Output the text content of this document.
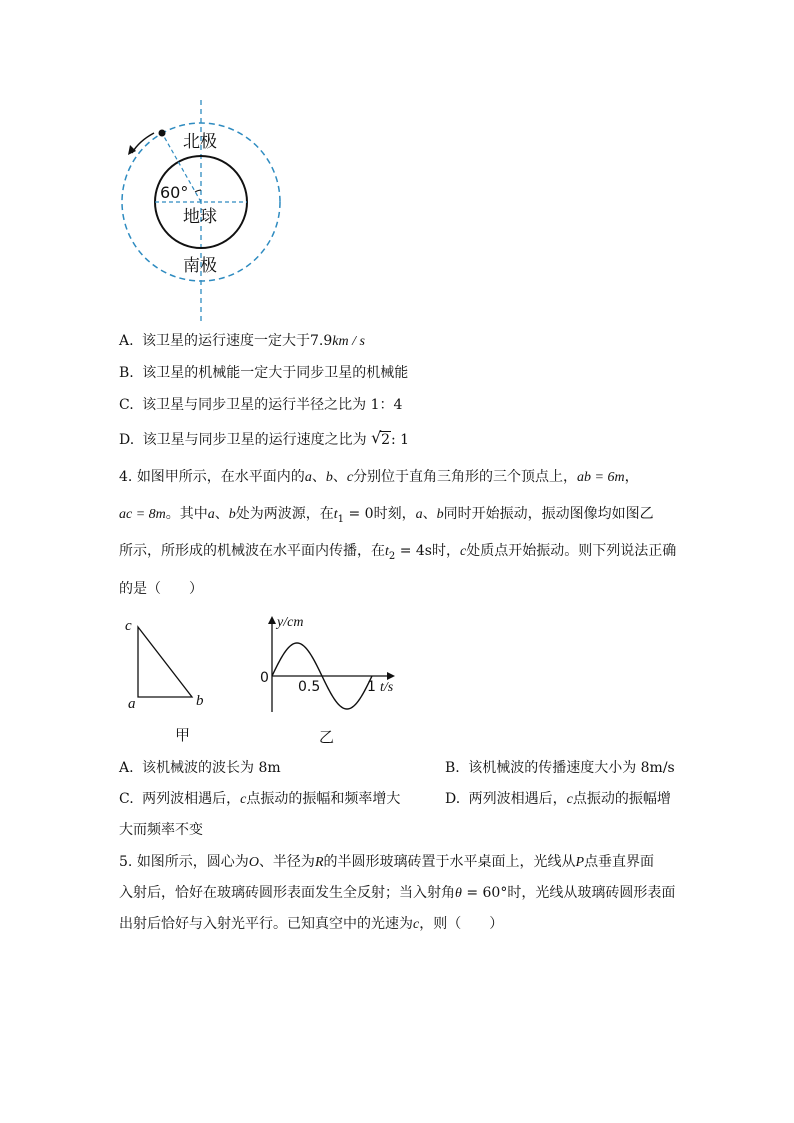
北极
60°
地球
南极
A. 该卫星的运行速度一定大于7.9km / s
B. 该卫星的机械能一定大于同步卫星的机械能
C. 该卫星与同步卫星的运行半径之比为 1：4
D. 该卫星与同步卫星的运行速度之比为 √ 2: 1
4. 如图甲所示，在水平面内的a、b、c分别位于直角三角形的三个顶点上，ab = 6m，
ac = 8m。其中a、b处为两波源，在$t_1 = 0$时刻，a、b同时开始振动，振动图像均如图乙
所示，所形成的机械波在水平面内传播，在$t_2 = 4s$时，c处质点开始振动。则下列说法正确
的是（　　）
c
a	b
甲
y/cm
0
0.5	1 t/s
乙
A. 该机械波的波长为 8m	B. 该机械波的传播速度大小为 8m/s
C. 两列波相遇后，c点振动的振幅和频率增大	D. 两列波相遇后，c点振动的振幅增
大而频率不变
5. 如图所示，圆心为O、半径为R的半圆形玻璃砖置于水平桌面上，光线从P点垂直界面
入射后，恰好在玻璃砖圆形表面发生全反射；当入射角θ = 60°时，光线从玻璃砖圆形表面
出射后恰好与入射光平行。已知真空中的光速为c，则（　　）
